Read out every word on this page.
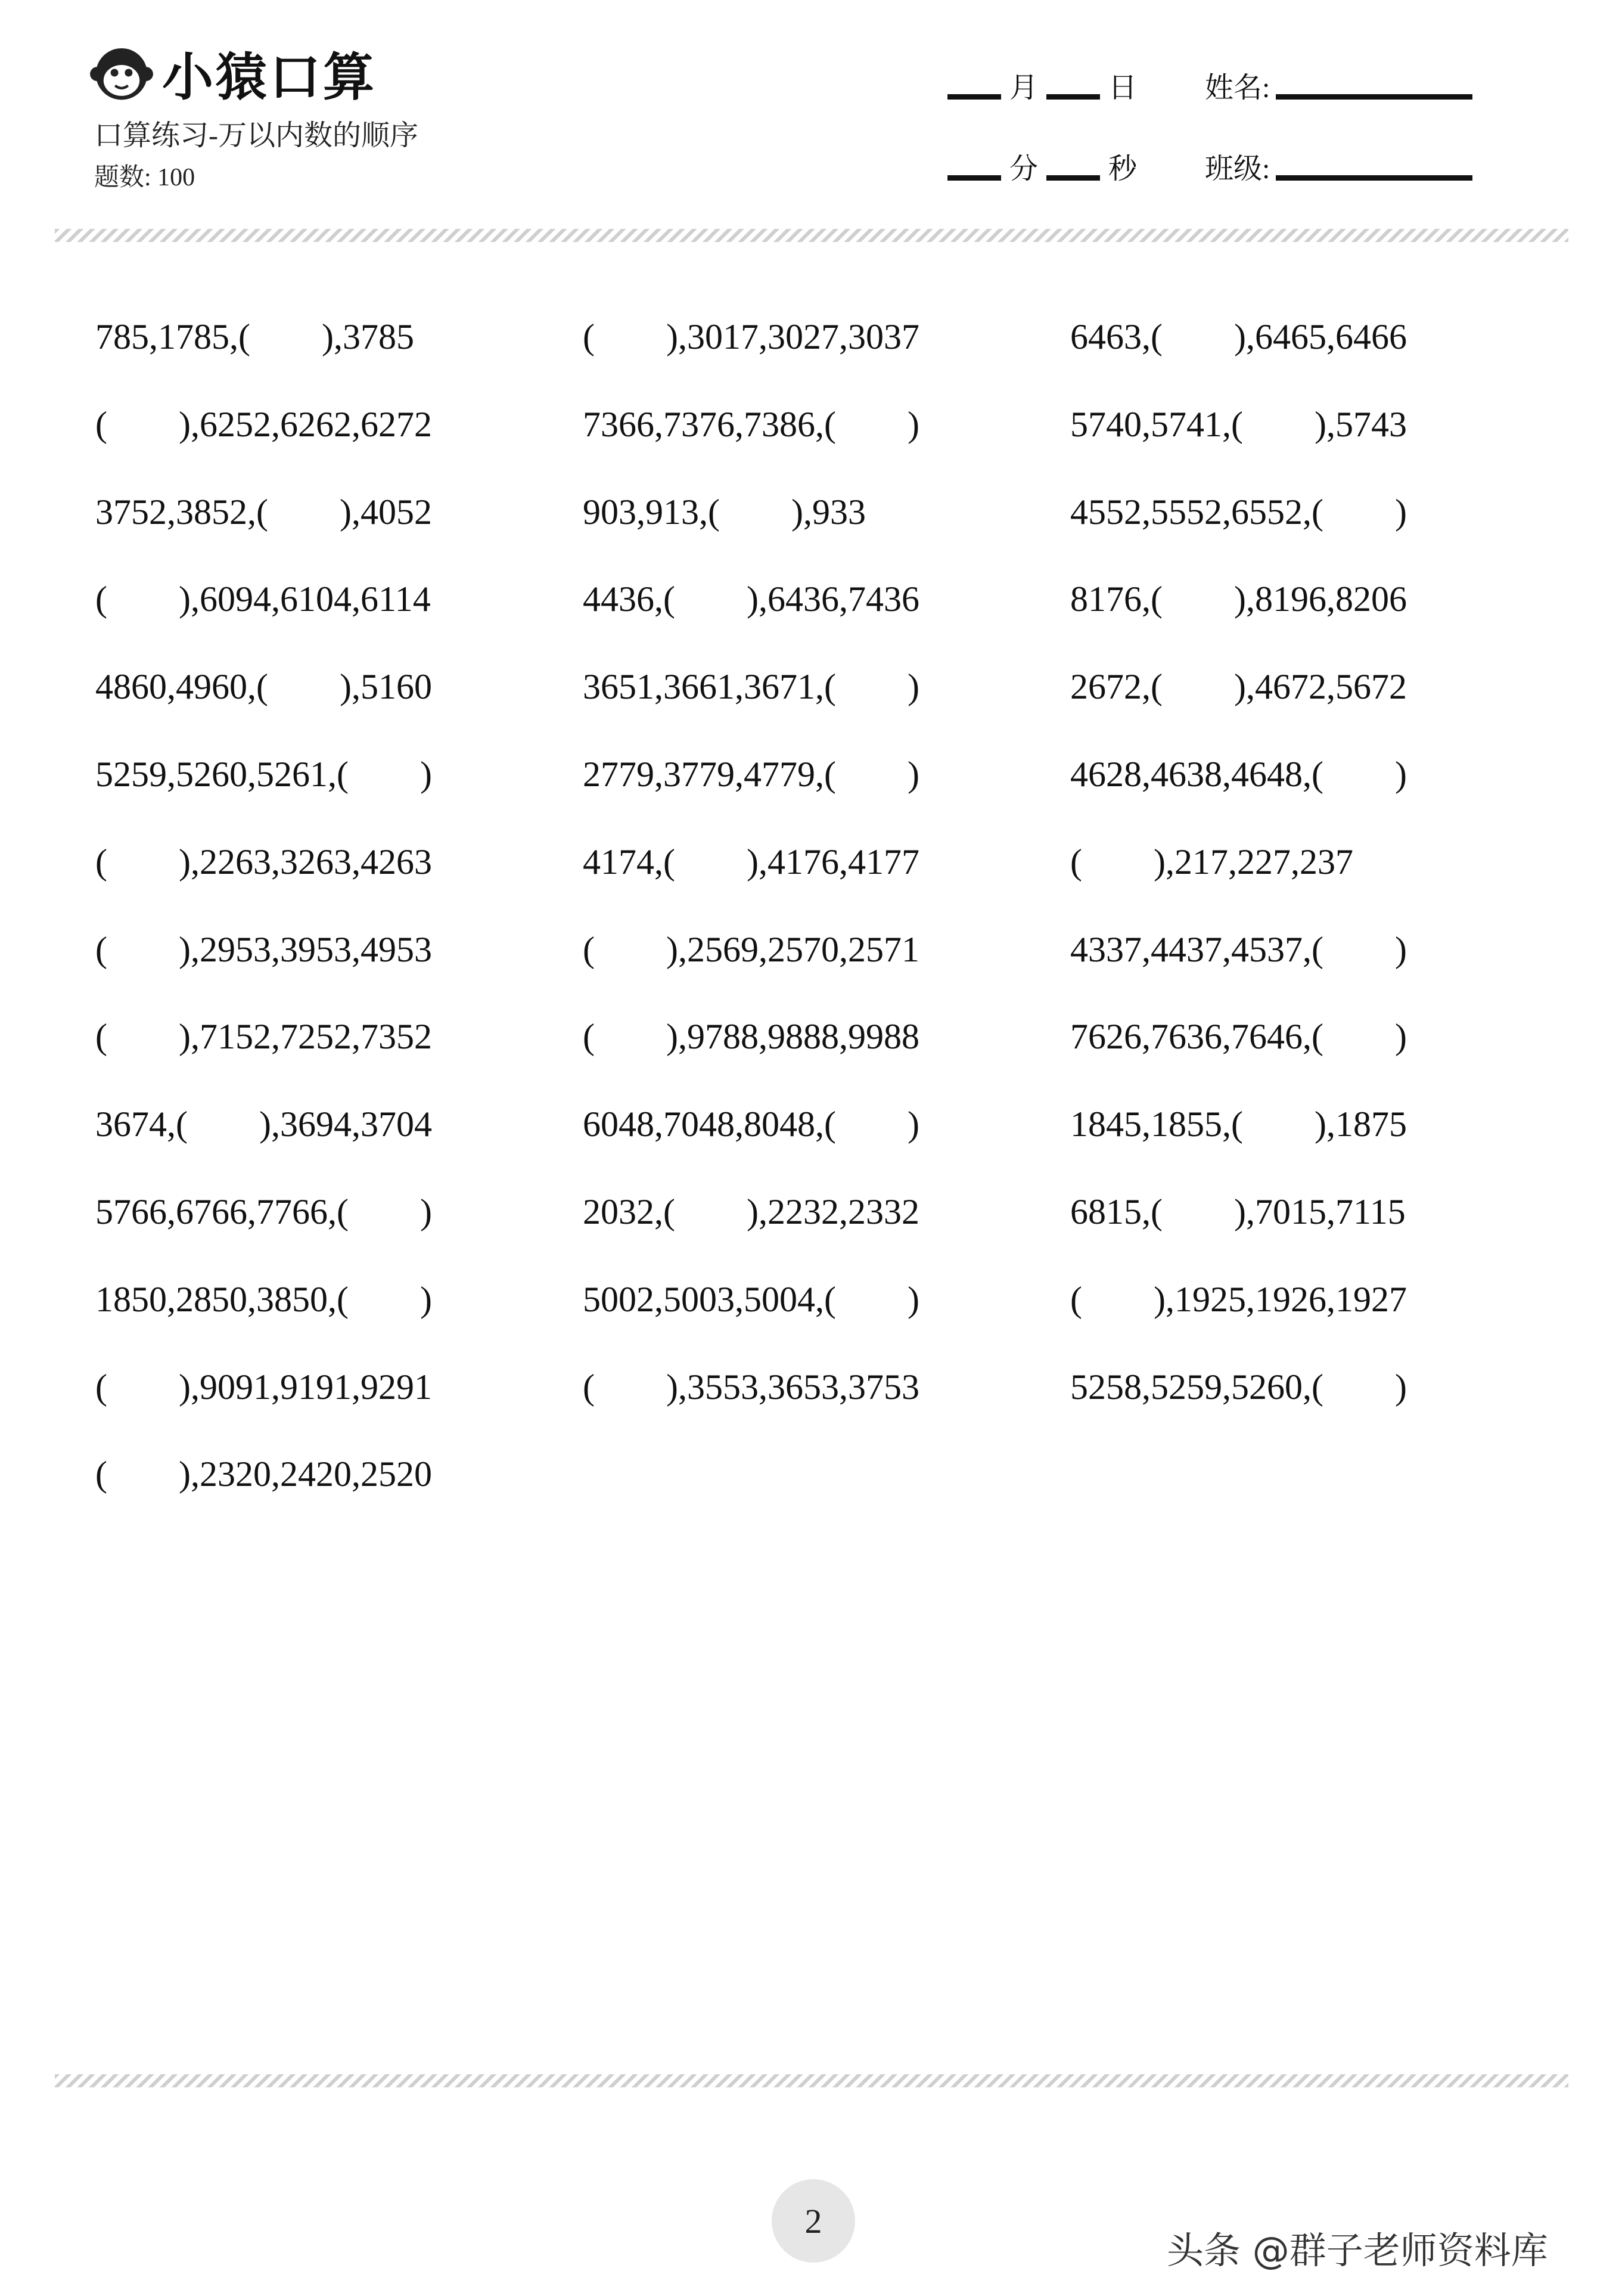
小猿口算
口算练习-万以内数的顺序
题数: 100
月 日 姓名:
分 秒 班级:
785,1785,(　　),3785
(　　),6252,6262,6272
3752,3852,(　　),4052
(　　),6094,6104,6114
4860,4960,(　　),5160
5259,5260,5261,(　　)
(　　),2263,3263,4263
(　　),2953,3953,4953
(　　),7152,7252,7352
3674,(　　),3694,3704
5766,6766,7766,(　　)
1850,2850,3850,(　　)
(　　),9091,9191,9291
(　　),2320,2420,2520
(　　),3017,3027,3037
7366,7376,7386,(　　)
903,913,(　　),933
4436,(　　),6436,7436
3651,3661,3671,(　　)
2779,3779,4779,(　　)
4174,(　　),4176,4177
(　　),2569,2570,2571
(　　),9788,9888,9988
6048,7048,8048,(　　)
2032,(　　),2232,2332
5002,5003,5004,(　　)
(　　),3553,3653,3753
6463,(　　),6465,6466
5740,5741,(　　),5743
4552,5552,6552,(　　)
8176,(　　),8196,8206
2672,(　　),4672,5672
4628,4638,4648,(　　)
(　　),217,227,237
4337,4437,4537,(　　)
7626,7636,7646,(　　)
1845,1855,(　　),1875
6815,(　　),7015,7115
(　　),1925,1926,1927
5258,5259,5260,(　　)
2
头条 @群子老师资料库
